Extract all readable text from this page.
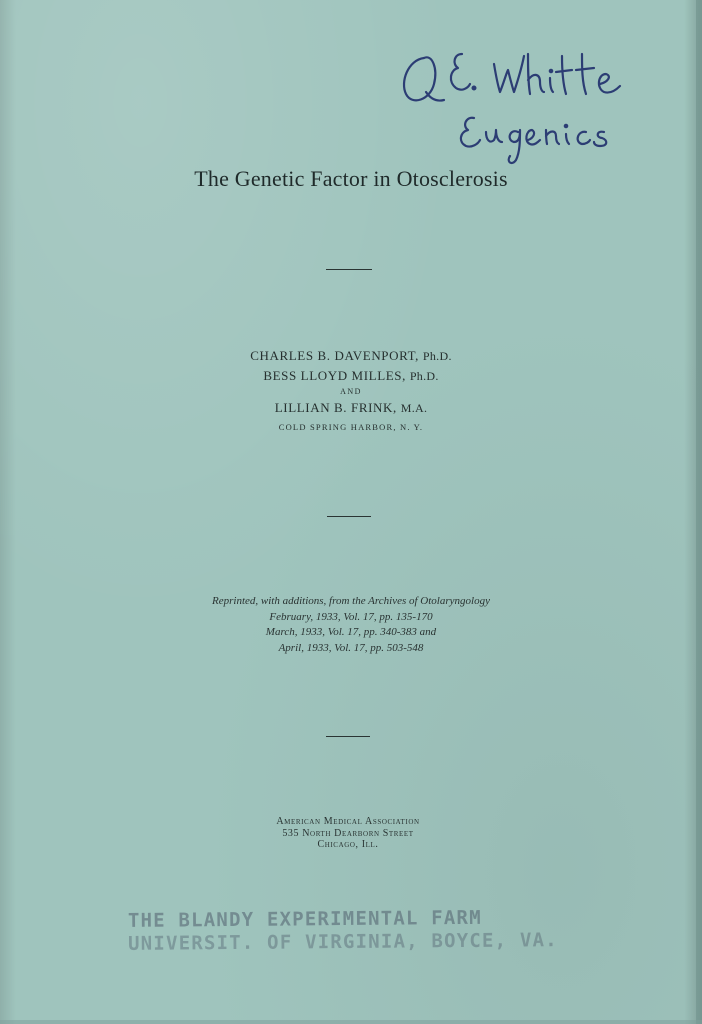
The Genetic Factor in Otosclerosis
CHARLES B. DAVENPORT, Ph.D.
BESS LLOYD MILLES, Ph.D.
AND
LILLIAN B. FRINK, M.A.
COLD SPRING HARBOR, N. Y.
Reprinted, with additions, from the Archives of Otolaryngology
February, 1933, Vol. 17, pp. 135-170
March, 1933, Vol. 17, pp. 340-383 and
April, 1933, Vol. 17, pp. 503-548
American Medical Association
535 North Dearborn Street
Chicago, Ill.
THE BLANDY EXPERIMENTAL FARM
UNIVERSIT. OF VIRGINIA, BOYCE, VA.
